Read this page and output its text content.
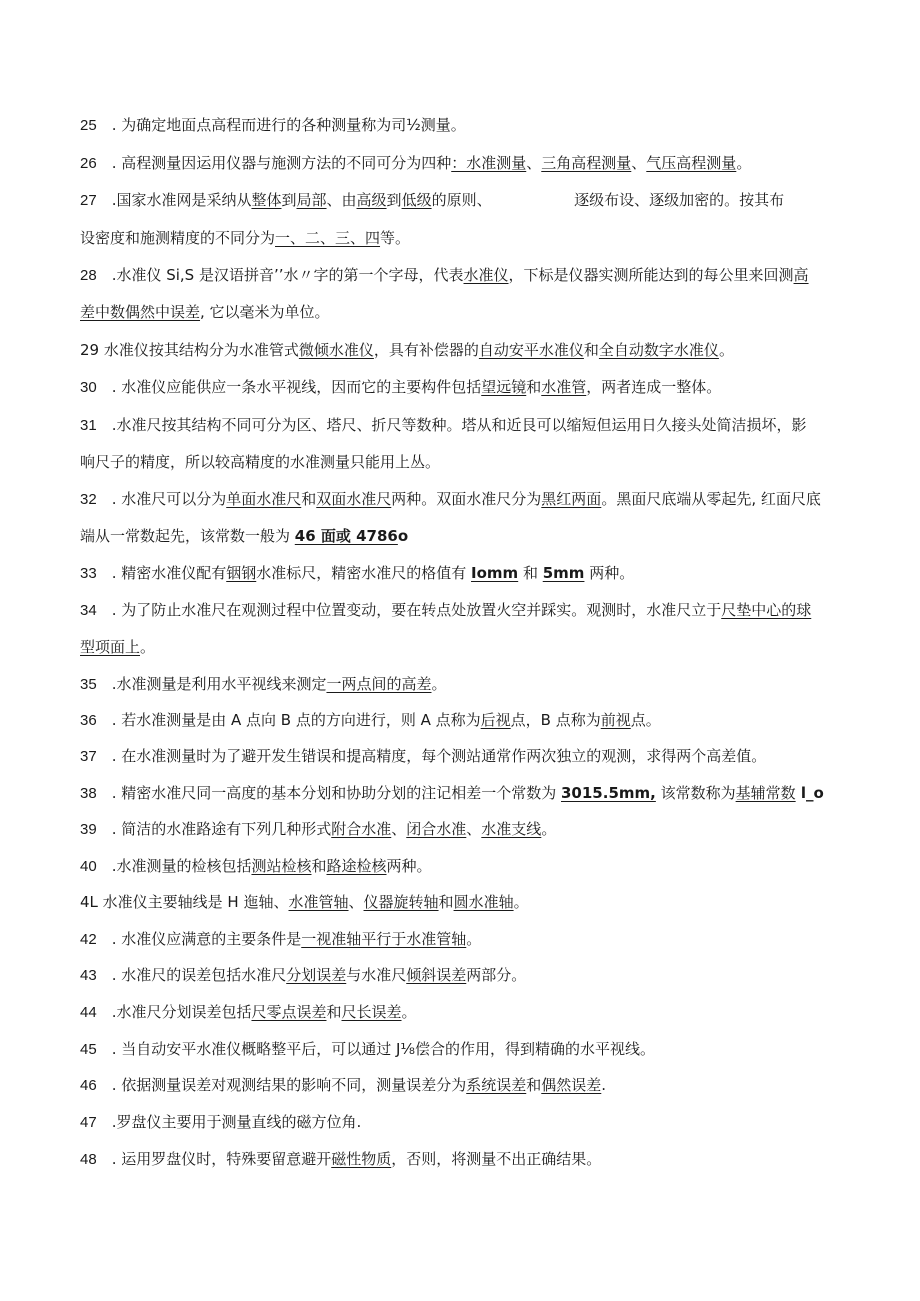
25　. 为确定地面点高程而进行的各种测量称为司½测量。
26　. 高程测量因运用仪器与施测方法的不同可分为四种：水准测量、三角高程测量、气压高程测量。
27　.国家水准网是采纳从整体到局部、由高级到低级的原则、　　　　　　逐级布设、逐级加密的。按其布
设密度和施测精度的不同分为一、二、三、四等。
28　.水准仪 Si,S 是汉语拼音’’水〃字的第一个字母，代表水准仪，下标是仪器实测所能达到的每公里来回测高
差中数偶然中误差, 它以毫米为单位。
29 水准仪按其结构分为水准管式微倾水准仪，具有补偿器的自动安平水准仪和全自动数字水准仪。
30　. 水准仪应能供应一条水平视线，因而它的主要构件包括望远镜和水准管，两者连成一整体。
31　.水准尺按其结构不同可分为区、塔尺、折尺等数种。塔从和近艮可以缩短但运用日久接头处简洁损坏，影
响尺子的精度，所以较高精度的水准测量只能用上丛。
32　. 水准尺可以分为单面水准尺和双面水准尺两种。双面水准尺分为黑红两面。黑面尺底端从零起先, 红面尺底
端从一常数起先，该常数一般为 46 面或 4786o
33　. 精密水准仪配有铟钢水准标尺，精密水准尺的格值有 Iomm 和 5mm 两种。
34　. 为了防止水准尺在观测过程中位置变动，要在转点处放置火空并踩实。观测时，水准尺立于尺垫中心的球
型项面上。
35　.水准测量是利用水平视线来测定一两点间的高差。
36　. 若水准测量是由 A 点向 B 点的方向进行，则 A 点称为后视点，B 点称为前视点。
37　. 在水准测量时为了避开发生错误和提高精度，每个测站通常作两次独立的观测，求得两个高差值。
38　. 精密水准尺同一高度的基本分划和协助分划的注记相差一个常数为 3015.5mm, 该常数称为基辅常数 l_o
39　. 简洁的水准路途有下列几种形式附合水准、闭合水准、水准支线。
40　.水准测量的检核包括测站检核和路途检核两种。
4L 水准仪主要轴线是 H 迤轴、水准管轴、仪器旋转轴和圆水准轴。
42　. 水准仪应满意的主要条件是一视准轴平行于水准管轴。
43　. 水准尺的误差包括水准尺分划误差与水准尺倾斜误差两部分。
44　.水准尺分划误差包括尺零点误差和尺长误差。
45　. 当自动安平水准仪概略整平后，可以通过 J⅛偿合的作用，得到精确的水平视线。
46　. 依据测量误差对观测结果的影响不同，测量误差分为系统误差和偶然误差.
47　.罗盘仪主要用于测量直线的磁方位角.
48　. 运用罗盘仪时，特殊要留意避开磁性物质，否则，将测量不出正确结果。
